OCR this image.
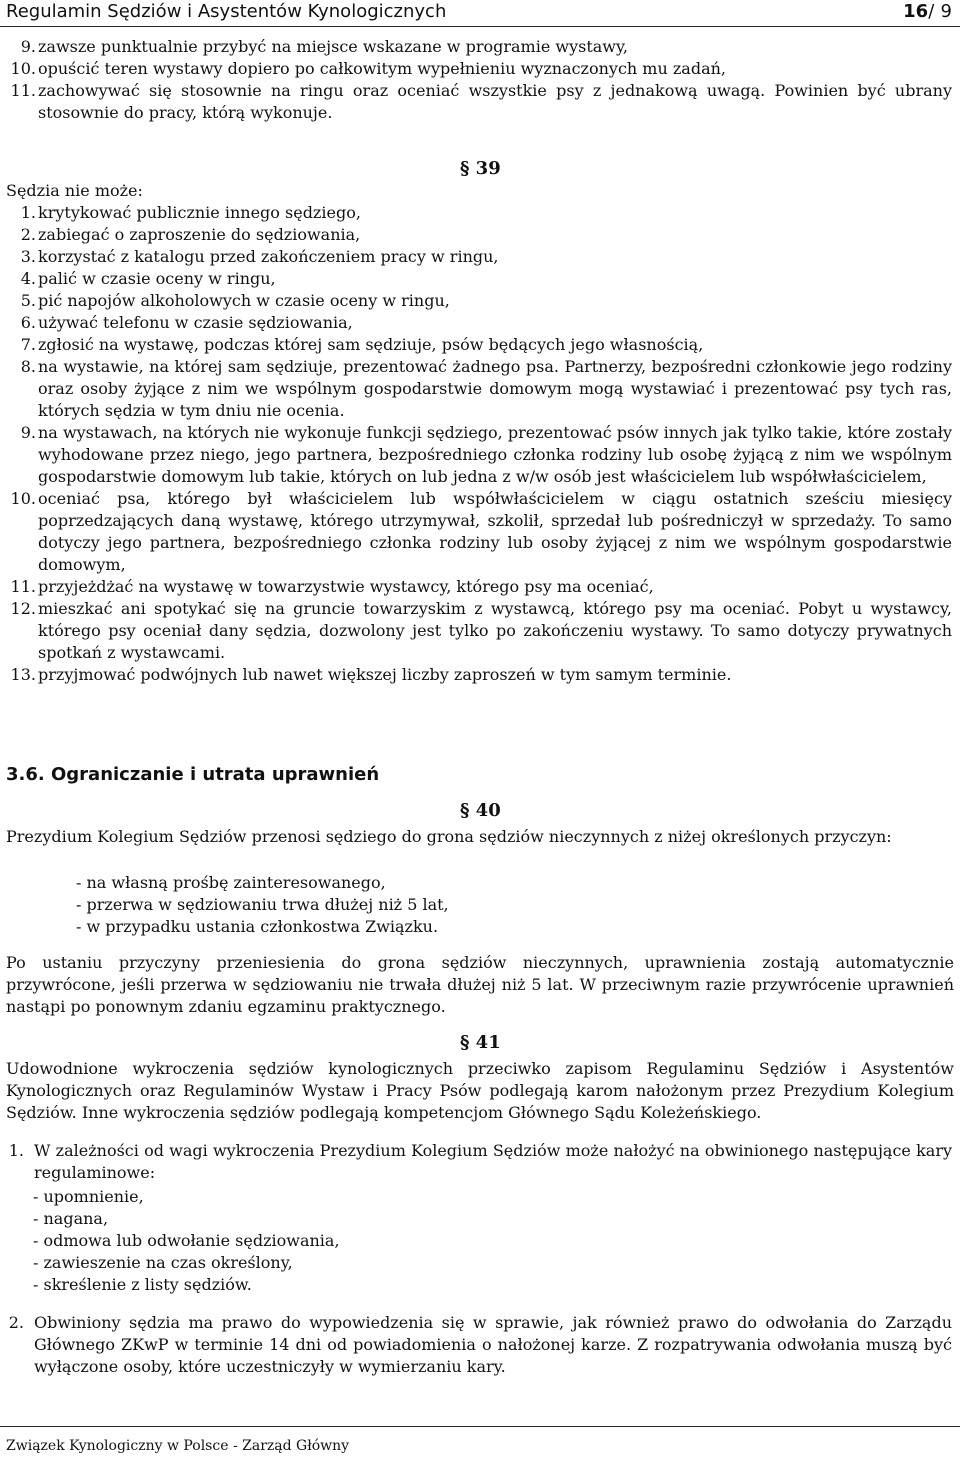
Regulamin Sędziów i Asystentów Kynologicznych	16/ 9
9. zawsze punktualnie przybyć na miejsce wskazane w programie wystawy,
10. opuścić teren wystawy dopiero po całkowitym wypełnieniu wyznaczonych mu zadań,
11. zachowywać się stosownie na ringu oraz oceniać wszystkie psy z jednakową uwagą. Powinien być ubrany stosownie do pracy, którą wykonuje.
§ 39
Sędzia nie może:
1. krytykować publicznie innego sędziego,
2. zabiegać o zaproszenie do sędziowania,
3. korzystać z katalogu przed zakończeniem pracy w ringu,
4. palić w czasie oceny w ringu,
5. pić napojów alkoholowych w czasie oceny w ringu,
6. używać telefonu w czasie sędziowania,
7. zgłosić na wystawę, podczas której sam sędziuje, psów będących jego własnością,
8. na wystawie, na której sam sędziuje, prezentować żadnego psa. Partnerzy, bezpośredni członkowie jego rodziny oraz osoby żyjące z nim we wspólnym gospodarstwie domowym mogą wystawiać i prezentować psy tych ras, których sędzia w tym dniu nie ocenia.
9. na wystawach, na których nie wykonuje funkcji sędziego, prezentować psów innych jak tylko takie, które zostały wyhodowane przez niego, jego partnera, bezpośredniego członka rodziny lub osobę żyjącą z nim we wspólnym gospodarstwie domowym lub takie, których on lub jedna z w/w osób jest właścicielem lub współwłaścicielem,
10. oceniać psa, którego był właścicielem lub współwłaścicielem w ciągu ostatnich sześciu miesięcy poprzedzających daną wystawę, którego utrzymywał, szkolił, sprzedał lub pośredniczył w sprzedaży. To samo dotyczy jego partnera, bezpośredniego członka rodziny lub osoby żyjącej z nim we wspólnym gospodarstwie domowym,
11. przyjeżdżać na wystawę w towarzystwie wystawcy, którego psy ma oceniać,
12. mieszkać ani spotykać się na gruncie towarzyskim z wystawcą, którego psy ma oceniać. Pobyt u wystawcy, którego psy oceniał dany sędzia, dozwolony jest tylko po zakończeniu wystawy. To samo dotyczy prywatnych spotkań z wystawcami.
13. przyjmować podwójnych lub nawet większej liczby zaproszeń w tym samym terminie.
3.6. Ograniczanie i utrata uprawnień
§ 40
Prezydium Kolegium Sędziów przenosi sędziego do grona sędziów nieczynnych z niżej określonych przyczyn:
- na własną prośbę zainteresowanego,
- przerwa w sędziowaniu trwa dłużej niż 5 lat,
- w przypadku ustania członkostwa Związku.
Po ustaniu przyczyny przeniesienia do grona sędziów nieczynnych, uprawnienia zostają automatycznie przywrócone, jeśli przerwa w sędziowaniu nie trwała dłużej niż 5 lat. W przeciwnym razie przywrócenie uprawnień nastąpi po ponownym zdaniu egzaminu praktycznego.
§ 41
Udowodnione wykroczenia sędziów kynologicznych przeciwko zapisom Regulaminu Sędziów i Asystentów Kynologicznych oraz Regulaminów Wystaw i Pracy Psów podlegają karom nałożonym przez Prezydium Kolegium Sędziów. Inne wykroczenia sędziów podlegają kompetencjom Głównego Sądu Koleżeńskiego.
1. W zależności od wagi wykroczenia Prezydium Kolegium Sędziów może nałożyć na obwinionego następujące kary regulaminowe:
- upomnienie,
- nagana,
- odmowa lub odwołanie sędziowania,
- zawieszenie na czas określony,
- skreślenie z listy sędziów.
2. Obwiniony sędzia ma prawo do wypowiedzenia się w sprawie, jak również prawo do odwołania do Zarządu Głównego ZKwP w terminie 14 dni od powiadomienia o nałożonej karze. Z rozpatrywania odwołania muszą być wyłączone osoby, które uczestniczyły w wymierzaniu kary.
Związek Kynologiczny w Polsce - Zarząd Główny
